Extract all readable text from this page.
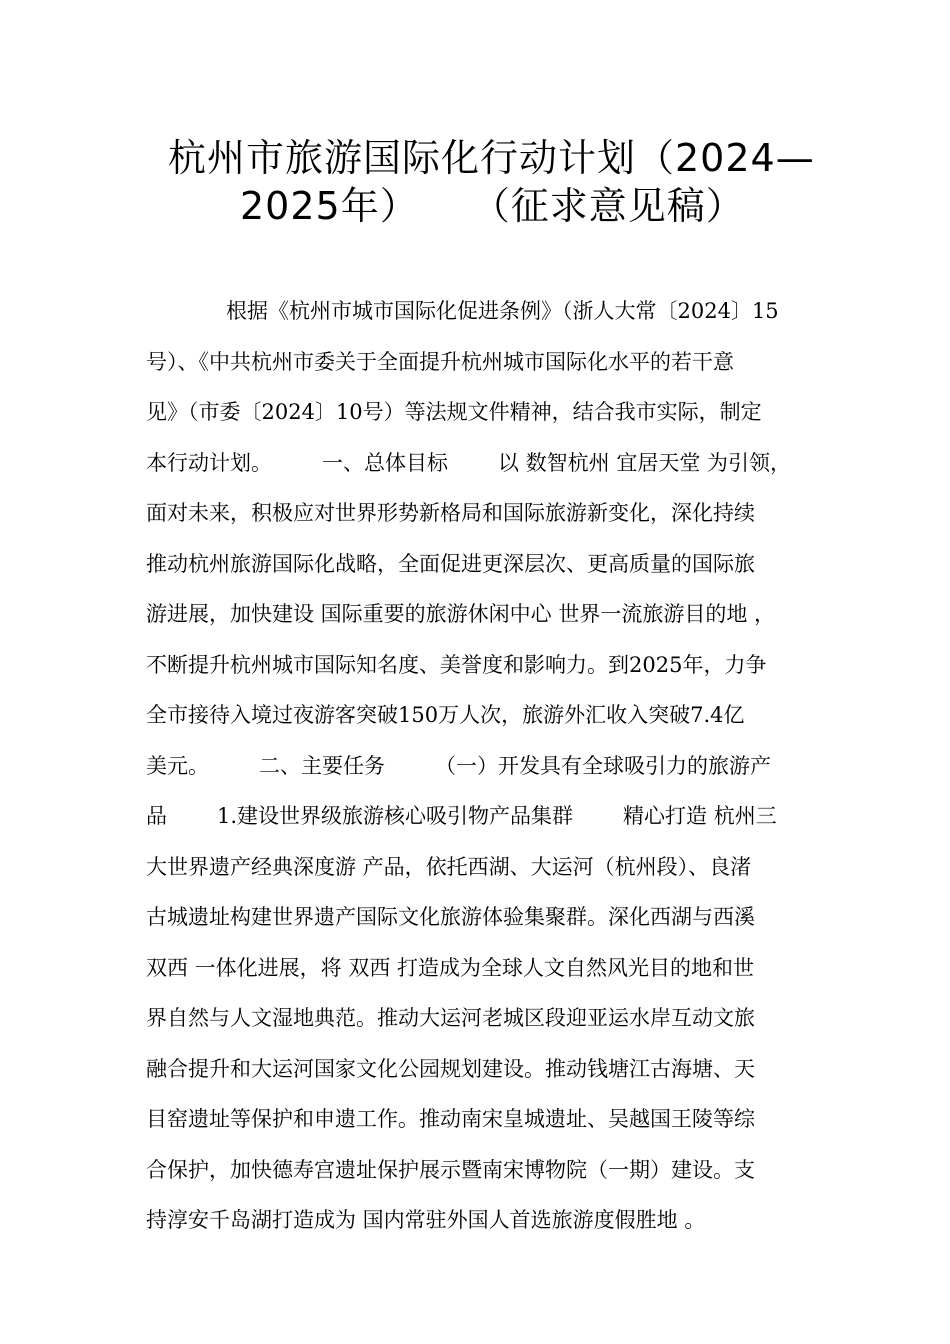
杭州市旅游国际化行动计划（2024—
2025年） （征求意见稿）
根据《杭州市城市国际化促进条例》（浙人大常〔2024〕15
号）、《中共杭州市委关于全面提升杭州城市国际化水平的若干意
见》（市委〔2024〕10号）等法规文件精神，结合我市实际，制定
本行动计划。 一、总体目标 以 数智杭州 宜居天堂 为引领，
面对未来，积极应对世界形势新格局和国际旅游新变化，深化持续
推动杭州旅游国际化战略，全面促进更深层次、更高质量的国际旅
游进展，加快建设 国际重要的旅游休闲中心 世界一流旅游目的地 ，
不断提升杭州城市国际知名度、美誉度和影响力。到2025年，力争
全市接待入境过夜游客突破150万人次，旅游外汇收入突破7.4亿
美元。 二、主要任务 （一）开发具有全球吸引力的旅游产
品 1.建设世界级旅游核心吸引物产品集群 精心打造 杭州三
大世界遗产经典深度游 产品，依托西湖、大运河（杭州段）、良渚
古城遗址构建世界遗产国际文化旅游体验集聚群。深化西湖与西溪
双西 一体化进展，将 双西 打造成为全球人文自然风光目的地和世
界自然与人文湿地典范。推动大运河老城区段迎亚运水岸互动文旅
融合提升和大运河国家文化公园规划建设。推动钱塘江古海塘、天
目窑遗址等保护和申遗工作。推动南宋皇城遗址、吴越国王陵等综
合保护，加快德寿宫遗址保护展示暨南宋博物院（一期）建设。支
持淳安千岛湖打造成为 国内常驻外国人首选旅游度假胜地 。
